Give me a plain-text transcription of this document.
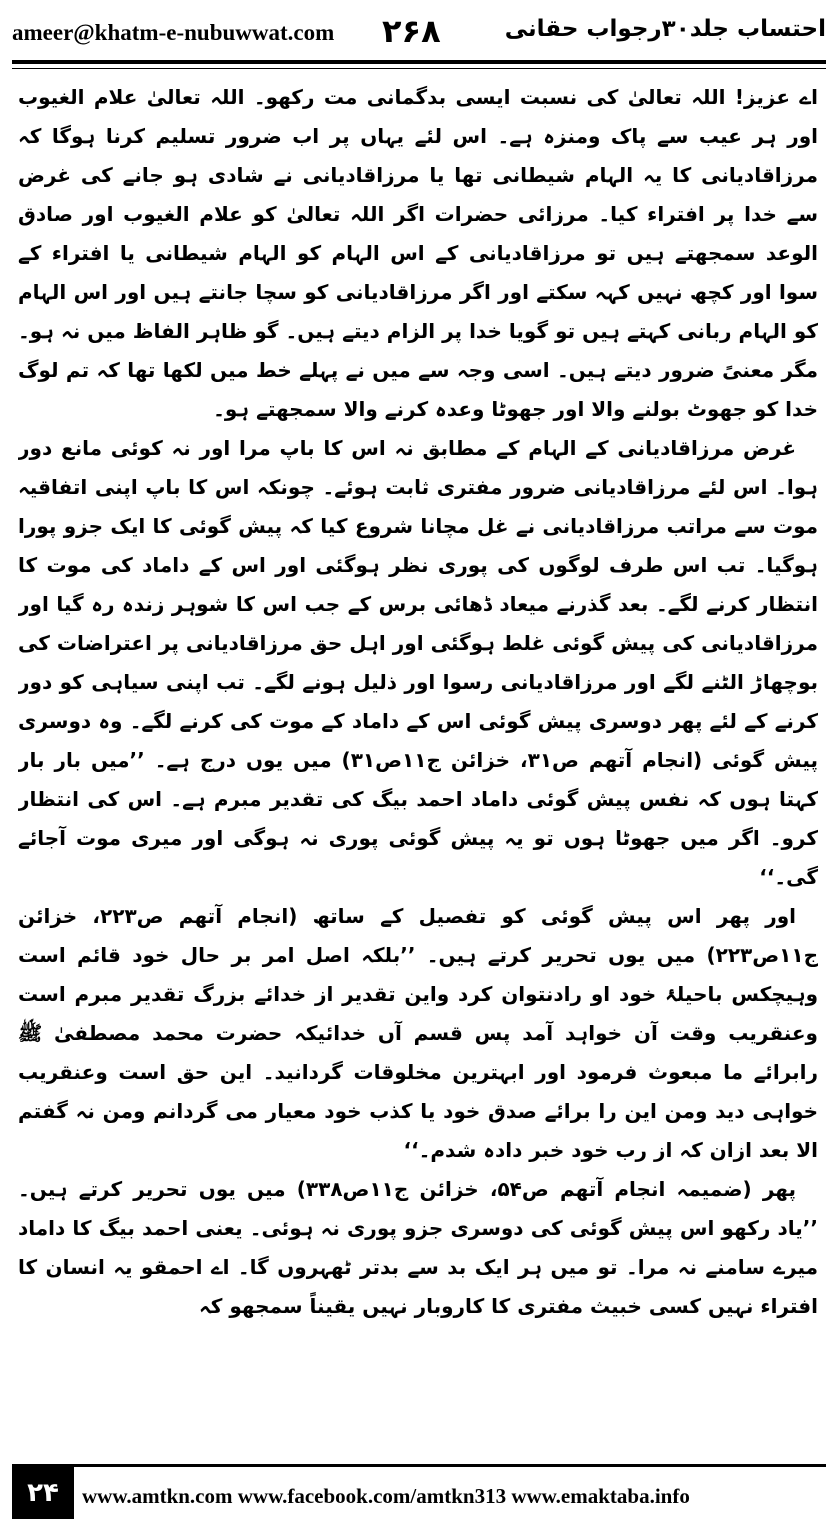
ameer@khatm-e-nubuwwat.com ۲۶۸	احتساب جلد۳۰رجواب حقانی

اے عزیز! اللہ تعالیٰ کی نسبت ایسی بدگمانی مت رکھو۔ اللہ تعالیٰ علام الغیوب اور ہر عیب سے پاک ومنزہ ہے۔ اس لئے یہاں پر اب ضرور تسلیم کرنا ہوگا کہ مرزاقادیانی کا یہ الہام شیطانی تھا یا مرزاقادیانی نے شادی ہو جانے کی غرض سے خدا پر افتراء کیا۔ مرزائی حضرات اگر اللہ تعالیٰ کو علام الغیوب اور صادق الوعد سمجھتے ہیں تو مرزاقادیانی کے اس الہام کو الہام شیطانی یا افتراء کے سوا اور کچھ نہیں کہہ سکتے اور اگر مرزاقادیانی کو سچا جانتے ہیں اور اس الہام کو الہام ربانی کہتے ہیں تو گویا خدا پر الزام دیتے ہیں۔ گو ظاہر الفاظ میں نہ ہو۔ مگر معنیً ضرور دیتے ہیں۔ اسی وجہ سے میں نے پہلے خط میں لکھا تھا کہ تم لوگ خدا کو جھوٹ بولنے والا اور جھوٹا وعدہ کرنے والا سمجھتے ہو۔

غرض مرزاقادیانی کے الہام کے مطابق نہ اس کا باپ مرا اور نہ کوئی مانع دور ہوا۔ اس لئے مرزاقادیانی ضرور مفتری ثابت ہوئے۔ چونکہ اس کا باپ اپنی اتفاقیہ موت سے مراتب مرزاقادیانی نے غل مچانا شروع کیا کہ پیش گوئی کا ایک جزو پورا ہوگیا۔ تب اس طرف لوگوں کی پوری نظر ہوگئی اور اس کے داماد کی موت کا انتظار کرنے لگے۔ بعد گذرنے میعاد ڈھائی برس کے جب اس کا شوہر زندہ رہ گیا اور مرزاقادیانی کی پیش گوئی غلط ہوگئی اور اہل حق مرزاقادیانی پر اعتراضات کی بوچھاڑ الٹنے لگے اور مرزاقادیانی رسوا اور ذلیل ہونے لگے۔ تب اپنی سیاہی کو دور کرنے کے لئے پھر دوسری پیش گوئی اس کے داماد کے موت کی کرنے لگے۔ وہ دوسری پیش گوئی (انجام آتھم ص۳۱، خزائن ج۱۱ص۳۱) میں یوں درج ہے۔ ’’میں بار بار کہتا ہوں کہ نفس پیش گوئی داماد احمد بیگ کی تقدیر مبرم ہے۔ اس کی انتظار کرو۔ اگر میں جھوٹا ہوں تو یہ پیش گوئی پوری نہ ہوگی اور میری موت آجائے گی۔‘‘

اور پھر اس پیش گوئی کو تفصیل کے ساتھ (انجام آتھم ص۲۲۳، خزائن ج۱۱ص۲۲۳) میں یوں تحریر کرتے ہیں۔ ’’بلکہ اصل امر بر حال خود قائم است وہیچکس باحیلۂ خود او رادنتوان کرد واین تقدیر از خدائے بزرگ تقدیر مبرم است وعنقریب وقت آن خواہد آمد پس قسم آں خدائیکہ حضرت محمد مصطفیٰ ﷺ رابرائے ما مبعوث فرمود اور ابہترین مخلوقات گردانید۔ این حق است وعنقریب خواہی دید ومن این را برائے صدق خود یا کذب خود معیار می گردانم ومن نہ گفتم الا بعد ازان کہ از رب خود خبر دادہ شدم۔‘‘

پھر (ضمیمہ انجام آتھم ص۵۴، خزائن ج۱۱ص۳۳۸) میں یوں تحریر کرتے ہیں۔ ’’یاد رکھو اس پیش گوئی کی دوسری جزو پوری نہ ہوئی۔ یعنی احمد بیگ کا داماد میرے سامنے نہ مرا۔ تو میں ہر ایک بد سے بدتر ٹھہروں گا۔ اے احمقو یہ انسان کا افتراء نہیں کسی خبیث مفتری کا کاروبار نہیں یقیناً سمجھو کہ

۲۴	www.amtkn.com www.facebook.com/amtkn313 www.emaktaba.info
